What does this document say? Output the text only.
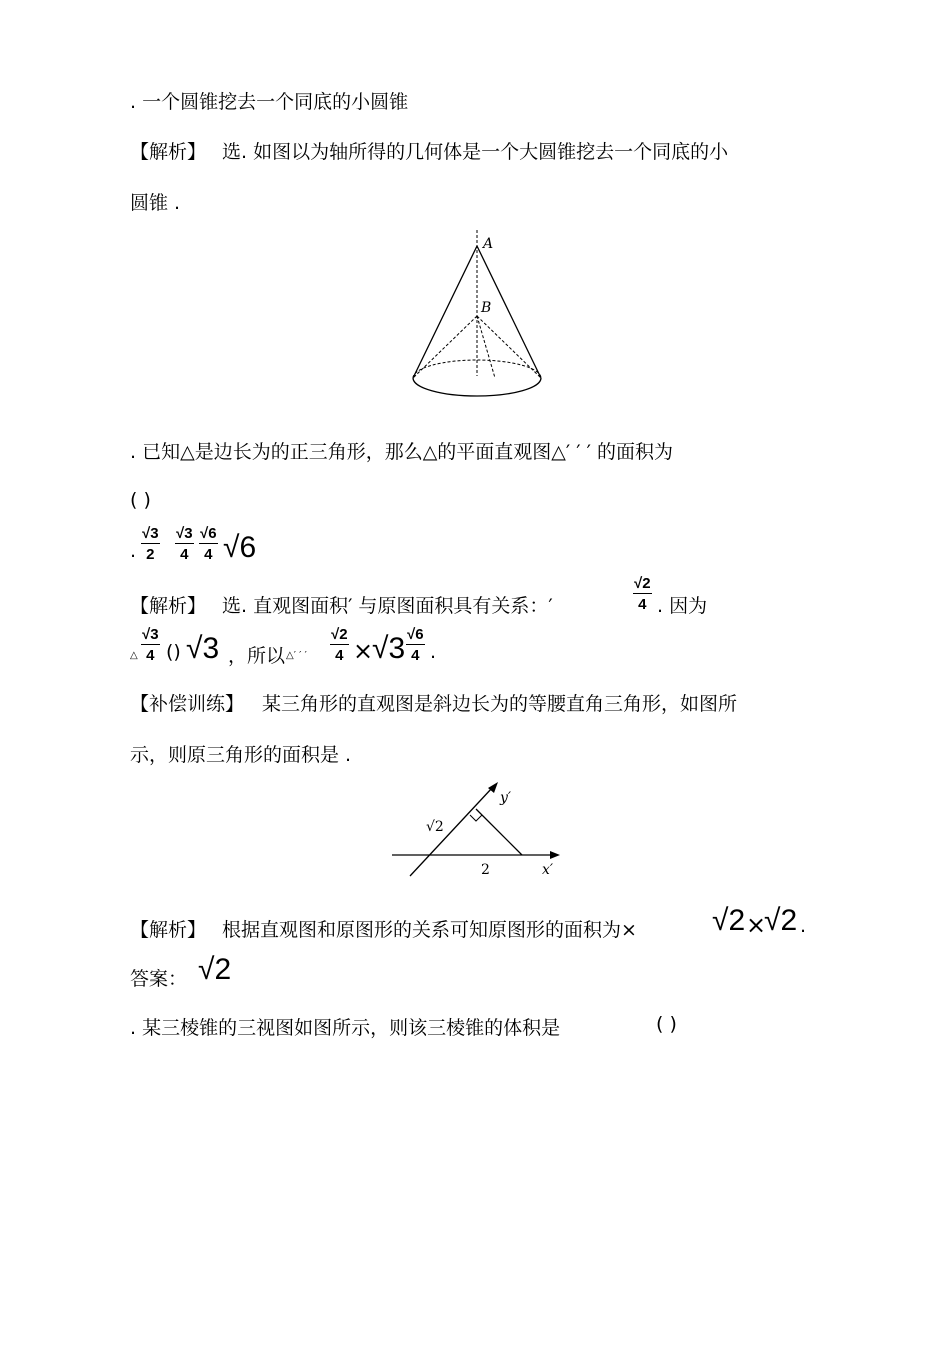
. 一个圆锥挖去一个同底的小圆锥
【解析】 选. 如图以为轴所得的几何体是一个大圆锥挖去一个同底的小
圆锥 .
A
B
. 已知△是边长为的正三角形，那么△的平面直观图△′ ′ ′ 的面积为
( )
. $\frac{√3}{2} \frac{√3}{4} \frac{√6}{4} √6$
【解析】 选. 直观图面积′ 与原图面积具有关系：′	$\frac{√2}{4}$ . 因为
△ $\frac{√3}{4}$ () √3 ，所以 △′ ′ ′ $\frac{√2}{4}$ ×
$√3 \frac{√6}{4}$ .
【补偿训练】 某三角形的直观图是斜边长为的等腰直角三角形，如图所
示，则原三角形的面积是 .
√2
2	x′
y′
【解析】 根据直观图和原图形的关系可知原图形的面积为×	√2 ×
√2 .
答案： √2
. 某三棱锥的三视图如图所示，则该三棱锥的体积是	( )
